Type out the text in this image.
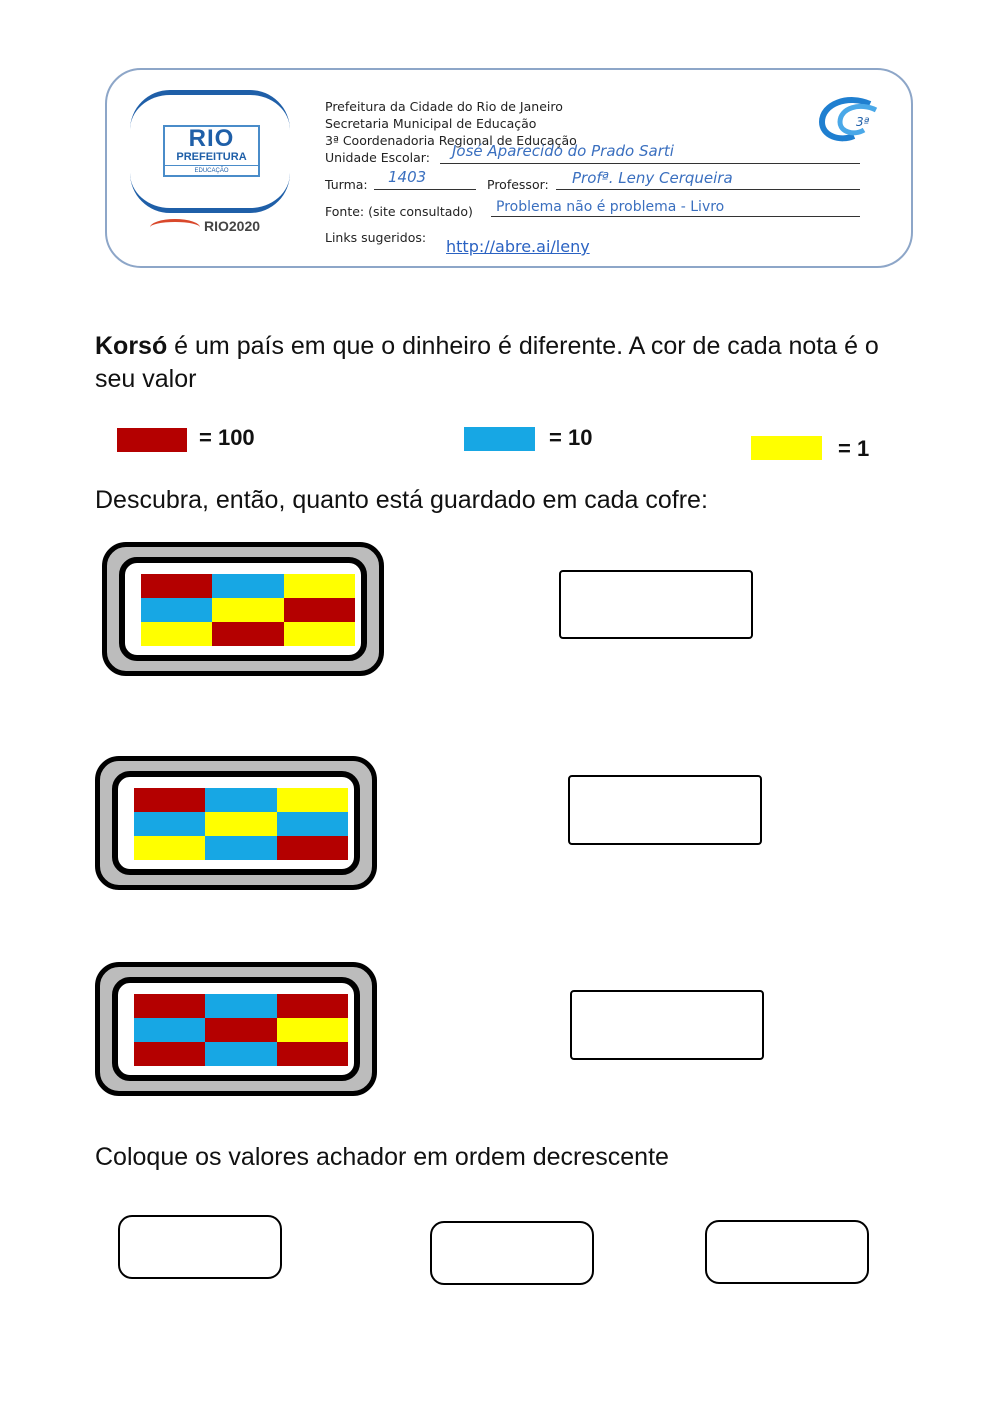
RIO
PREFEITURA
EDUCAÇÃO
RIO2020
Prefeitura da Cidade do Rio de Janeiro
Secretaria Municipal de Educação
3ª Coordenadoria Regional de Educação
Unidade Escolar: José Aparecido do Prado Sarti
Turma: 1403	Professor: Profª. Leny Cerqueira
Fonte: (site consultado) Problema não é problema - Livro
Links sugeridos: http://abre.ai/leny
3ª
Korsó é um país em que o dinheiro é diferente. A cor de cada nota é o seu valor
= 100	= 10	= 1
Descubra, então, quanto está guardado em cada cofre:
Coloque os valores achador em ordem decrescente
